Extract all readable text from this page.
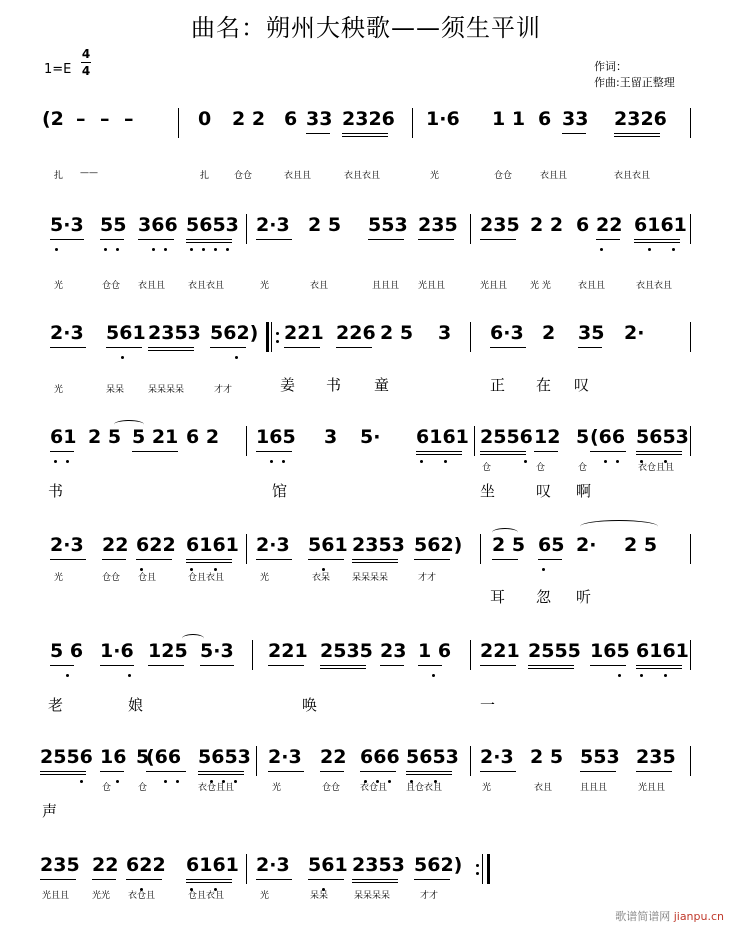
曲名：朔州大秧歌——须生平训
1=E
4
4	作词：
作曲:王留正整理
(2 – – –	0 2 2 6 33 2326 1·6 1 1 6 33 2326
扎 ——	扎	仓仓	衣且且	衣且衣且	光	仓仓	衣且且	衣且衣且
5·3 55 366 5653 2·3 2 5 553 235 235 2 2 6 22 6161
光	仓仓 衣且且	衣且衣且	光	衣且	且且且 光且且	光且且	光 光	衣且且	衣且衣且
2·3 561 2353 562) 221 226 2 5 3 6·3 2 35 2·
光	呆呆	呆呆呆呆	才才	姜 书 童	正 在 叹
61 2 5 5 21 6 2 165 3 5· 6161 2556 12 5 (66 5653
仓	仓	仓	衣仓且且
书	馆	坐	叹 啊
2·3 22 622 6161 2·3 561 2353 562) 2 5 65 2· 2 5
光	仓仓 仓且	仓且衣且	光	衣呆 呆呆呆呆	才才
耳 忽 听
5 6 1·6 125 5·3 221 2535 23 1 6 221 2555 165 6161
老	娘	唤	一
2556 16 5
(66 5653 2·3 22 666 5653 2·3 2 5 553 235
仓	仓	衣仓且且	光	仓仓 衣仓且 且仓衣且	光	衣且	且且且	光且且
声
235 22 622 6161 2·3 561 2353 562)
光且且	光光 衣仓且	仓且衣且	光	呆呆	呆呆呆呆	才才
歌谱简谱网 jianpu.cn
